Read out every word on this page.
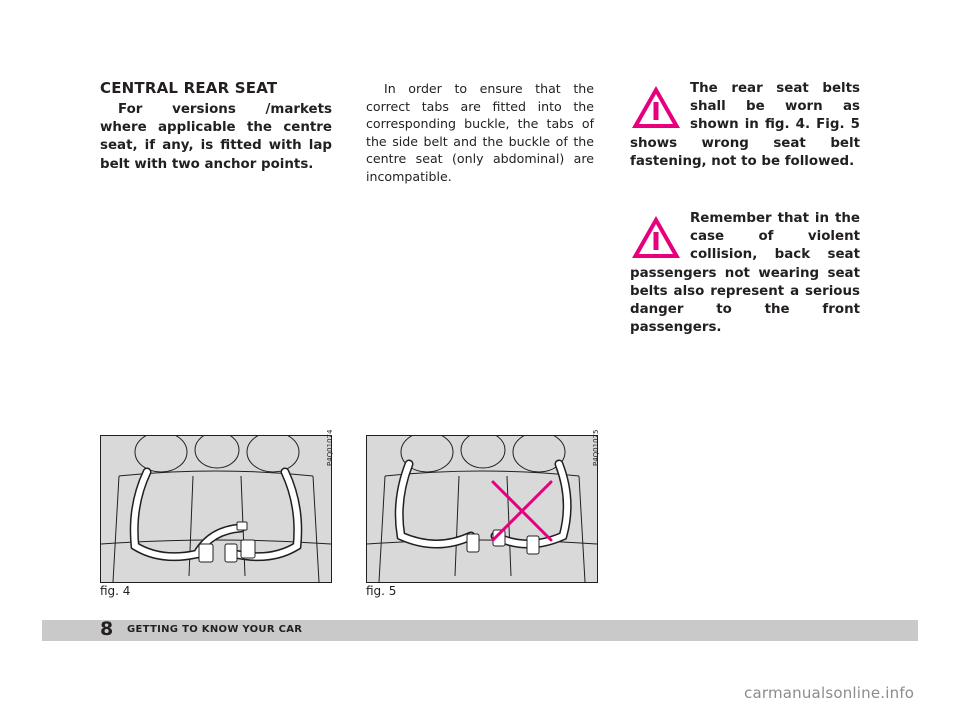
CENTRAL REAR SEAT
For versions /markets where applicable the centre seat, if any, is fitted with lap belt with two anchor points.
In order to ensure that the correct tabs are fitted into the corresponding buckle, the tabs of the side belt and the buckle of the centre seat (only abdominal) are incompatible.
The rear seat belts shall be worn as shown in fig. 4. Fig. 5 shows wrong seat belt fastening, not to be followed.
Remember that in the case of violent collision, back seat passengers not wearing seat belts also represent a serious danger to the front passengers.
P4Q01074
fig. 4
P4Q01075
fig. 5
8 GETTING TO KNOW YOUR CAR
carmanualsonline.info
